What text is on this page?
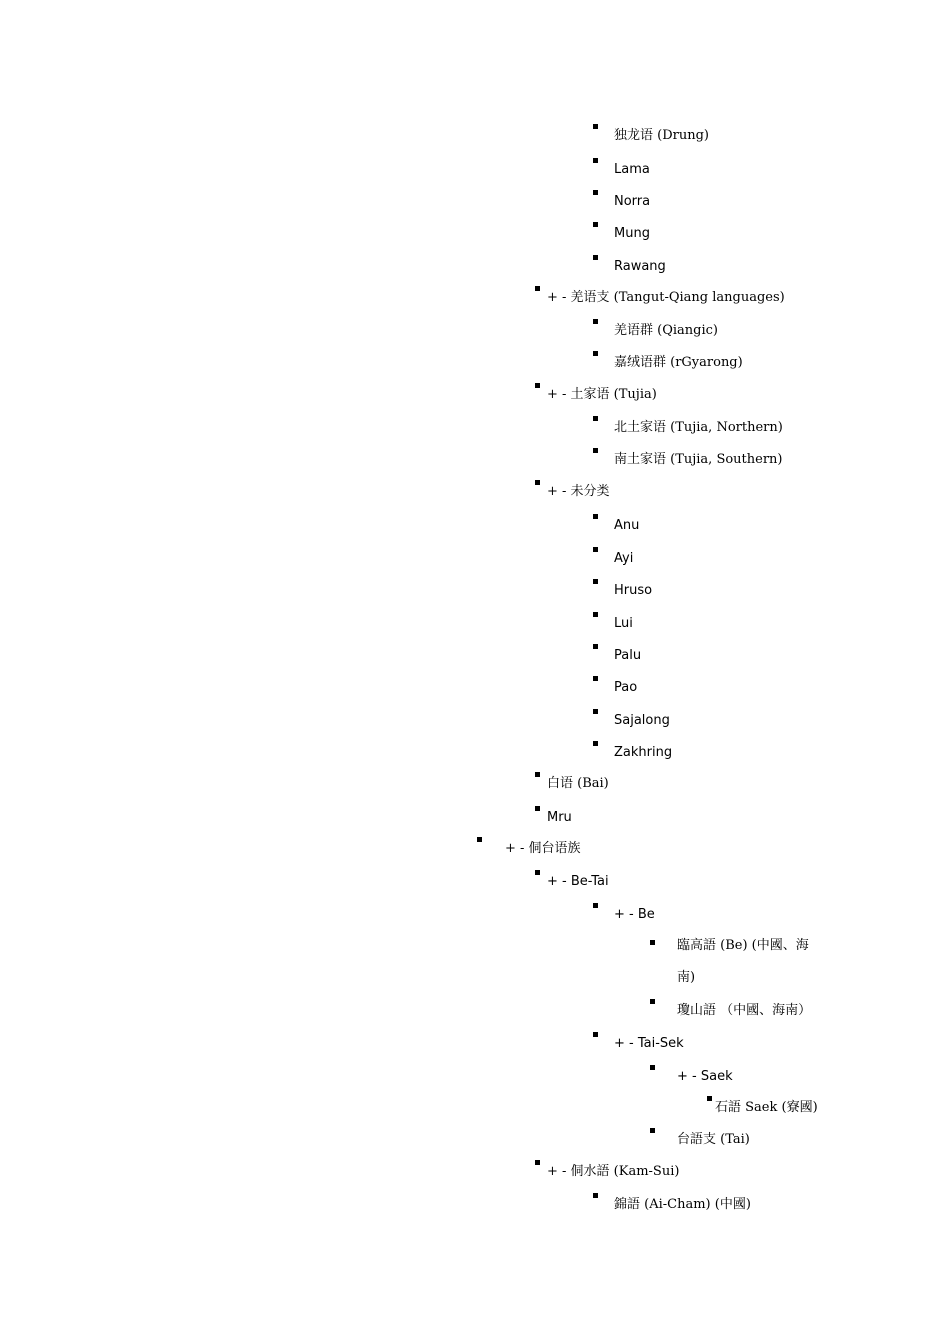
独龙语 (Drung)
Lama
Norra
Mung
Rawang
+ - 羌语支 (Tangut-Qiang languages)
羌语群 (Qiangic)
嘉绒语群 (rGyarong)
+ - 土家语 (Tujia)
北土家语 (Tujia, Northern)
南土家语 (Tujia, Southern)
+ - 未分类
Anu
Ayi
Hruso
Lui
Palu
Pao
Sajalong
Zakhring
白语 (Bai)
Mru
+ - 侗台语族
+ - Be-Tai
+ - Be
臨高語 (Be) (中國、海南)
瓊山語 （中國、海南）
+ - Tai-Sek
+ - Saek
石語 Saek (寮國)
台語支 (Tai)
+ - 侗水語 (Kam-Sui)
錦語 (Ai-Cham) (中國)
